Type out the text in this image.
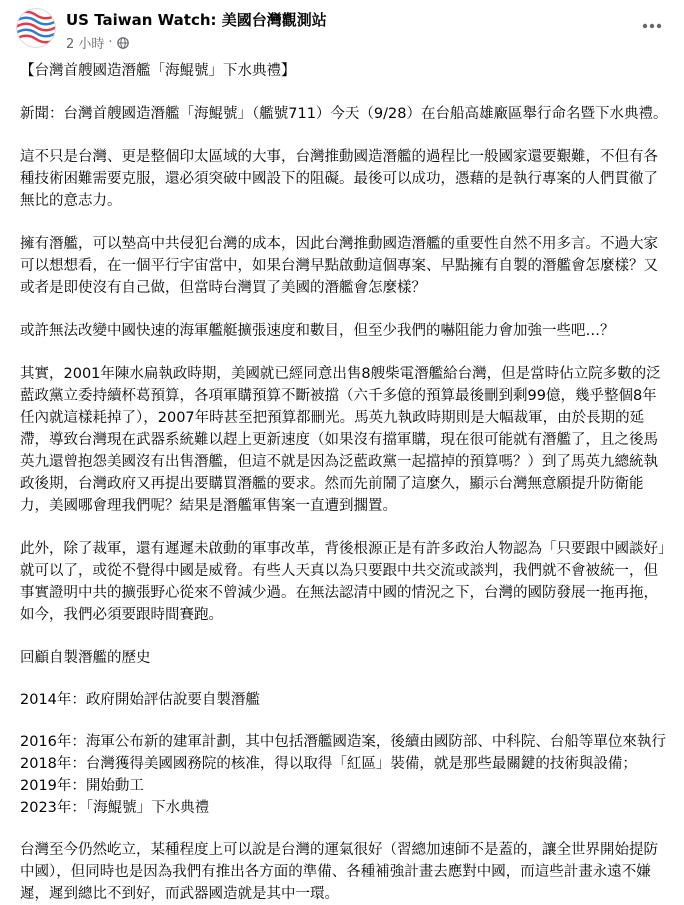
US Taiwan Watch: 美國台灣觀測站
2 小時 ·

【台灣首艘國造潛艦「海鯤號」下水典禮】

新聞：台灣首艘國造潛艦「海鯤號」（艦號711）今天（9/28）在台船高雄廠區舉行命名暨下水典禮。

這不只是台灣、更是整個印太區域的大事，台灣推動國造潛艦的過程比一般國家還要艱難，不但有各種技術困難需要克服，還必須突破中國設下的阻礙。最後可以成功，憑藉的是執行專案的人們貫徹了無比的意志力。

擁有潛艦，可以墊高中共侵犯台灣的成本，因此台灣推動國造潛艦的重要性自然不用多言。不過大家可以想想看，在一個平行宇宙當中，如果台灣早點啟動這個專案、早點擁有自製的潛艦會怎麼樣？又或者是即使沒有自己做，但當時台灣買了美國的潛艦會怎麼樣？

或許無法改變中國快速的海軍艦艇擴張速度和數目，但至少我們的嚇阻能力會加強一些吧…？

其實，2001年陳水扁執政時期，美國就已經同意出售8艘柴電潛艦給台灣，但是當時佔立院多數的泛藍政黨立委持續杯葛預算，各項軍購預算不斷被擋（六千多億的預算最後刪到剩99億，幾乎整個8年任內就這樣耗掉了），2007年時甚至把預算都刪光。馬英九執政時期則是大幅裁軍，由於長期的延滯，導致台灣現在武器系統難以趕上更新速度（如果沒有擋軍購，現在很可能就有潛艦了，且之後馬英九還曾抱怨美國沒有出售潛艦，但這不就是因為泛藍政黨一起擋掉的預算嗎？）到了馬英九總統執政後期，台灣政府又再提出要購買潛艦的要求。然而先前鬧了這麼久，顯示台灣無意願提升防衛能力，美國哪會理我們呢？結果是潛艦軍售案一直遭到擱置。

此外，除了裁軍，還有遲遲未啟動的軍事改革，背後根源正是有許多政治人物認為「只要跟中國談好」就可以了，或從不覺得中國是威脅。有些人天真以為只要跟中共交流或談判，我們就不會被統一，但事實證明中共的擴張野心從來不曾減少過。在無法認清中國的情況之下，台灣的國防發展一拖再拖，如今，我們必須要跟時間賽跑。

回顧自製潛艦的歷史

2014年：政府開始評估說要自製潛艦

2016年：海軍公布新的建軍計劃，其中包括潛艦國造案，後續由國防部、中科院、台船等單位來執行

2018年：台灣獲得美國國務院的核准，得以取得「紅區」裝備，就是那些最關鍵的技術與設備；

2019年：開始動工

2023年：「海鯤號」下水典禮

台灣至今仍然屹立，某種程度上可以說是台灣的運氣很好（習總加速師不是蓋的，讓全世界開始提防中國），但同時也是因為我們有推出各方面的準備、各種補強計畫去應對中國，而這些計畫永遠不嫌遲，遲到總比不到好，而武器國造就是其中一環。
